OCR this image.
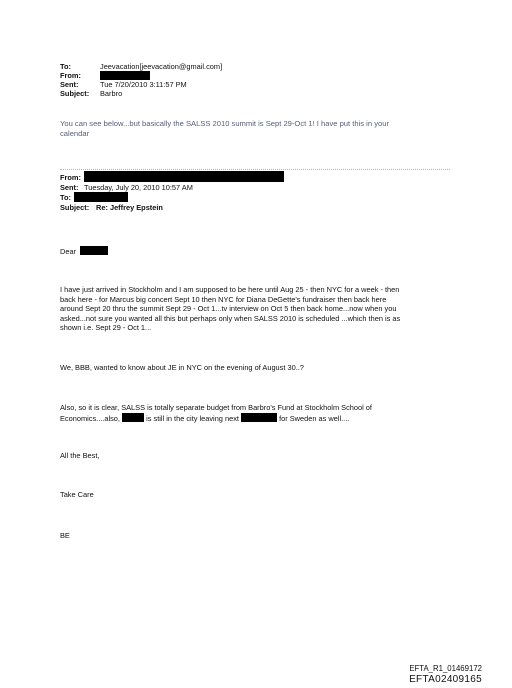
To:	Jeevacation[jeevacation@gmail.com]
From:
Sent:	Tue 7/20/2010 3:11:57 PM
Subject: Barbro
You can see below...but basically the SALSS 2010 summit is Sept 29-Oct 1! I have put this in your
calendar
From:
Sent: Tuesday, July 20, 2010 10:57 AM
To:
Subject: Re: Jeffrey Epstein
Dear
I have just arrived in Stockholm and I am supposed to be here until Aug 25 - then NYC for a week - then
back here - for Marcus big concert Sept 10 then NYC for Diana DeGette's fundraiser then back here
around Sept 20 thru the summit Sept 29 - Oct 1...tv interview on Oct 5 then back home...now when you
asked...not sure you wanted all this but perhaps only when SALSS 2010 is scheduled ...which then is as
shown i.e. Sept 29 - Oct 1...
We, BBB, wanted to know about JE in NYC on the evening of August 30..?
Also, so it is clear, SALSS is totally separate budget from Barbro's Fund at Stockholm School of
Economics....also,	is still in the city leaving next	for Sweden as well....
All the Best,
Take Care
BE
EFTA_R1_01469172
EFTA02409165
